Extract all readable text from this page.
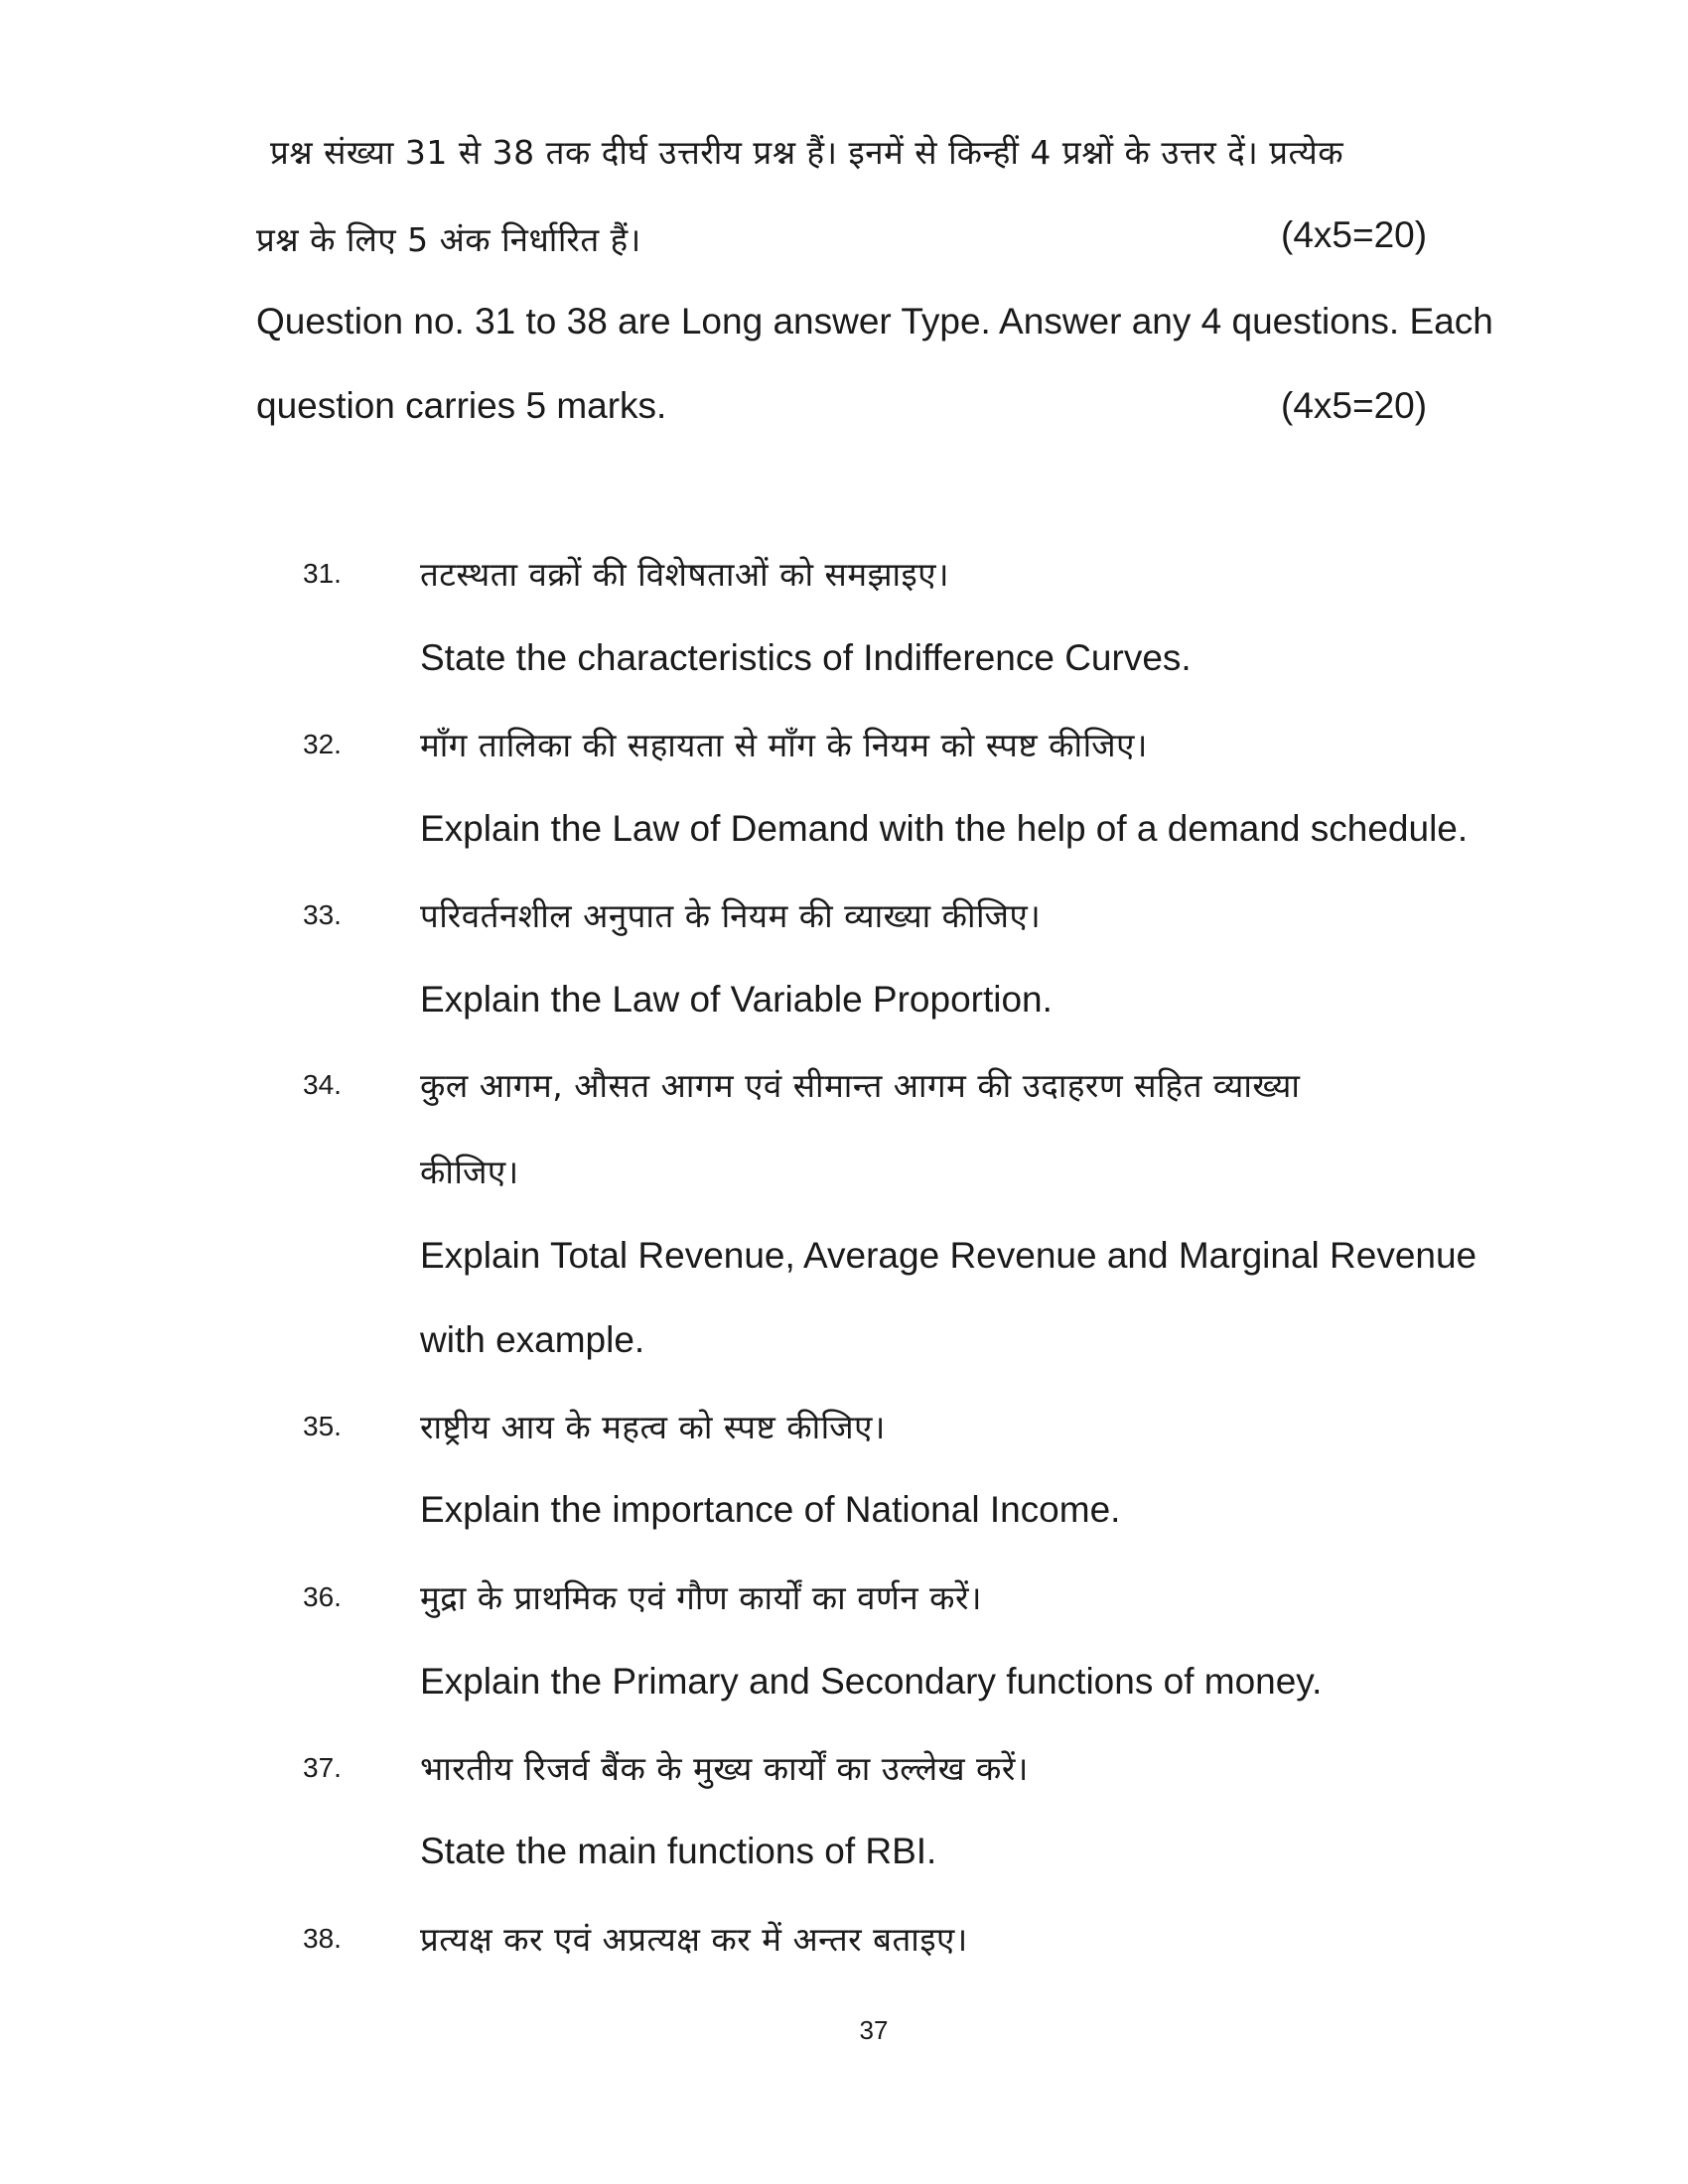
प्रश्न संख्या 31 से 38 तक दीर्घ उत्तरीय प्रश्न हैं। इनमें से किन्हीं 4 प्रश्नों के उत्तर दें। प्रत्येक
प्रश्न के लिए 5 अंक निर्धारित हैं।	(4x5=20)
Question no. 31 to 38 are Long answer Type. Answer any 4 questions. Each
question carries 5 marks.	(4x5=20)
31. तटस्थता वक्रों की विशेषताओं को समझाइए।
State the characteristics of Indifference Curves.
32. माँग तालिका की सहायता से माँग के नियम को स्पष्ट कीजिए।
Explain the Law of Demand with the help of a demand schedule.
33. परिवर्तनशील अनुपात के नियम की व्याख्या कीजिए।
Explain the Law of Variable Proportion.
34. कुल आगम, औसत आगम एवं सीमान्त आगम की उदाहरण सहित व्याख्या
कीजिए।
Explain Total Revenue, Average Revenue and Marginal Revenue
with example.
35. राष्ट्रीय आय के महत्व को स्पष्ट कीजिए।
Explain the importance of National Income.
36. मुद्रा के प्राथमिक एवं गौण कार्यों का वर्णन करें।
Explain the Primary and Secondary functions of money.
37. भारतीय रिजर्व बैंक के मुख्य कार्यों का उल्लेख करें।
State the main functions of RBI.
38. प्रत्यक्ष कर एवं अप्रत्यक्ष कर में अन्तर बताइए।
37
